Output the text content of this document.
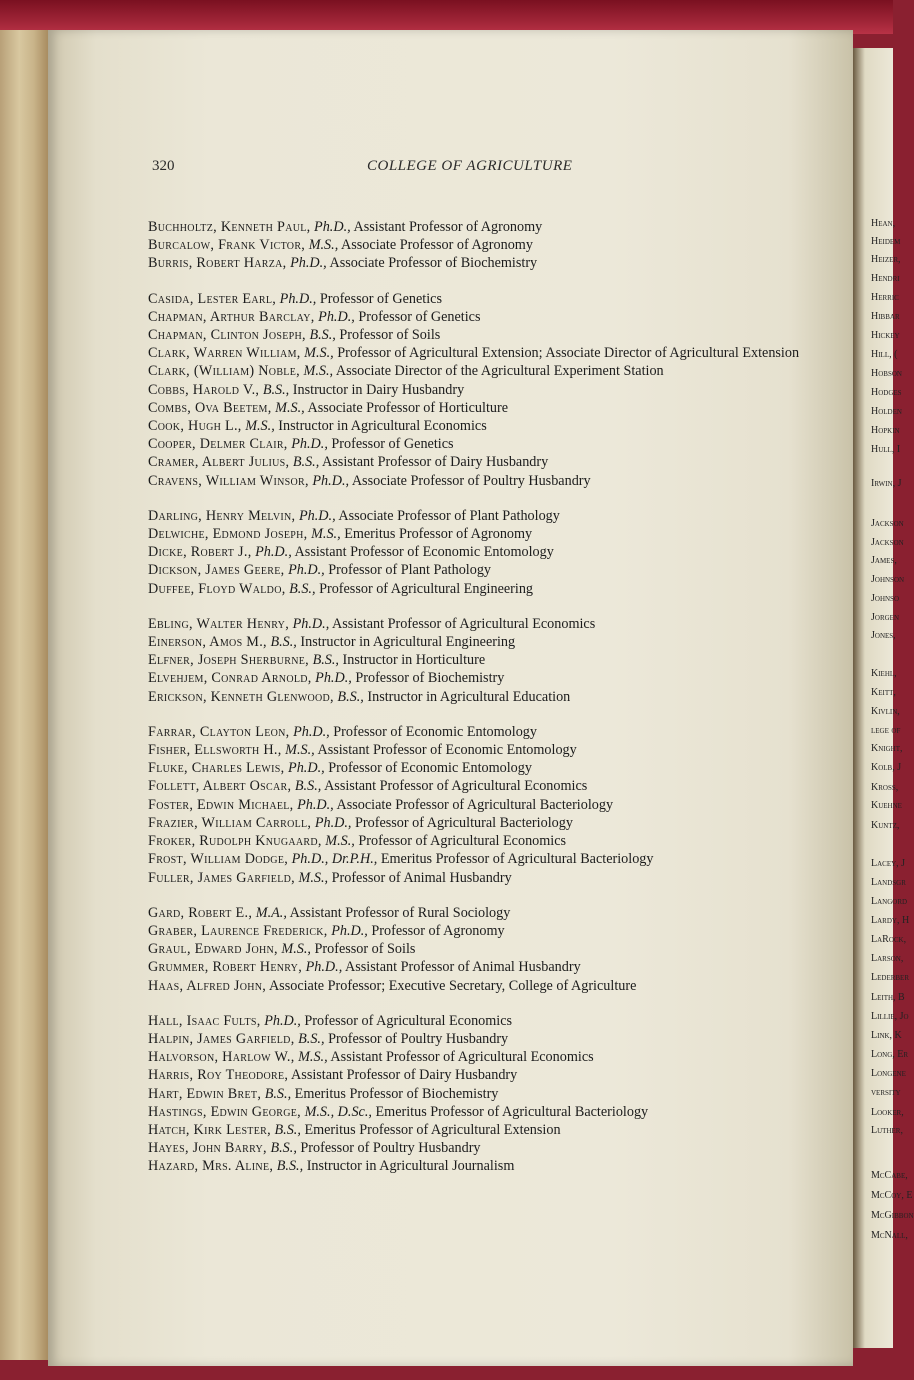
Hean,
Heidem
Heizer,
Hendri
Herric
Hibbar
Hickey
Hill, (
Hobson
Hodges
Holden
Hopkin
Hull, I
Irwin, J
Jackson
Jackson
James,
Johnson
Johnso
Jorgen
Jones,
Kiehl,
Keitt,
Kivlin,
lege of
Knight,
Kolb, J
Kross,
Kuehne
Kuntz,
Lacey, J
Landsgr
Langord
Lardy, H
LaRock,
Larson,
Lederber
Leith, B
Lillie, Jo
Link, K
Long, Er
Longene
versity
Looker,
Luther,
McCabe,
McCoy, E
McGibbon
McNall,
320	COLLEGE OF AGRICULTURE
Buchholtz, Kenneth Paul, Ph.D., Assistant Professor of Agronomy
Burcalow, Frank Victor, M.S., Associate Professor of Agronomy
Burris, Robert Harza, Ph.D., Associate Professor of Biochemistry
Casida, Lester Earl, Ph.D., Professor of Genetics
Chapman, Arthur Barclay, Ph.D., Professor of Genetics
Chapman, Clinton Joseph, B.S., Professor of Soils
Clark, Warren William, M.S., Professor of Agricultural Extension; Associate Director of Agricultural Extension
Clark, (William) Noble, M.S., Associate Director of the Agricultural Experiment Station
Cobbs, Harold V., B.S., Instructor in Dairy Husbandry
Combs, Ova Beetem, M.S., Associate Professor of Horticulture
Cook, Hugh L., M.S., Instructor in Agricultural Economics
Cooper, Delmer Clair, Ph.D., Professor of Genetics
Cramer, Albert Julius, B.S., Assistant Professor of Dairy Husbandry
Cravens, William Winsor, Ph.D., Associate Professor of Poultry Husbandry
Darling, Henry Melvin, Ph.D., Associate Professor of Plant Pathology
Delwiche, Edmond Joseph, M.S., Emeritus Professor of Agronomy
Dicke, Robert J., Ph.D., Assistant Professor of Economic Entomology
Dickson, James Geere, Ph.D., Professor of Plant Pathology
Duffee, Floyd Waldo, B.S., Professor of Agricultural Engineering
Ebling, Walter Henry, Ph.D., Assistant Professor of Agricultural Economics
Einerson, Amos M., B.S., Instructor in Agricultural Engineering
Elfner, Joseph Sherburne, B.S., Instructor in Horticulture
Elvehjem, Conrad Arnold, Ph.D., Professor of Biochemistry
Erickson, Kenneth Glenwood, B.S., Instructor in Agricultural Education
Farrar, Clayton Leon, Ph.D., Professor of Economic Entomology
Fisher, Ellsworth H., M.S., Assistant Professor of Economic Entomology
Fluke, Charles Lewis, Ph.D., Professor of Economic Entomology
Follett, Albert Oscar, B.S., Assistant Professor of Agricultural Economics
Foster, Edwin Michael, Ph.D., Associate Professor of Agricultural Bacteriology
Frazier, William Carroll, Ph.D., Professor of Agricultural Bacteriology
Froker, Rudolph Knugaard, M.S., Professor of Agricultural Economics
Frost, William Dodge, Ph.D., Dr.P.H., Emeritus Professor of Agricultural Bacteriology
Fuller, James Garfield, M.S., Professor of Animal Husbandry
Gard, Robert E., M.A., Assistant Professor of Rural Sociology
Graber, Laurence Frederick, Ph.D., Professor of Agronomy
Graul, Edward John, M.S., Professor of Soils
Grummer, Robert Henry, Ph.D., Assistant Professor of Animal Husbandry
Haas, Alfred John, Associate Professor; Executive Secretary, College of Agriculture
Hall, Isaac Fults, Ph.D., Professor of Agricultural Economics
Halpin, James Garfield, B.S., Professor of Poultry Husbandry
Halvorson, Harlow W., M.S., Assistant Professor of Agricultural Economics
Harris, Roy Theodore, Assistant Professor of Dairy Husbandry
Hart, Edwin Bret, B.S., Emeritus Professor of Biochemistry
Hastings, Edwin George, M.S., D.Sc., Emeritus Professor of Agricultural Bacteriology
Hatch, Kirk Lester, B.S., Emeritus Professor of Agricultural Extension
Hayes, John Barry, B.S., Professor of Poultry Husbandry
Hazard, Mrs. Aline, B.S., Instructor in Agricultural Journalism
